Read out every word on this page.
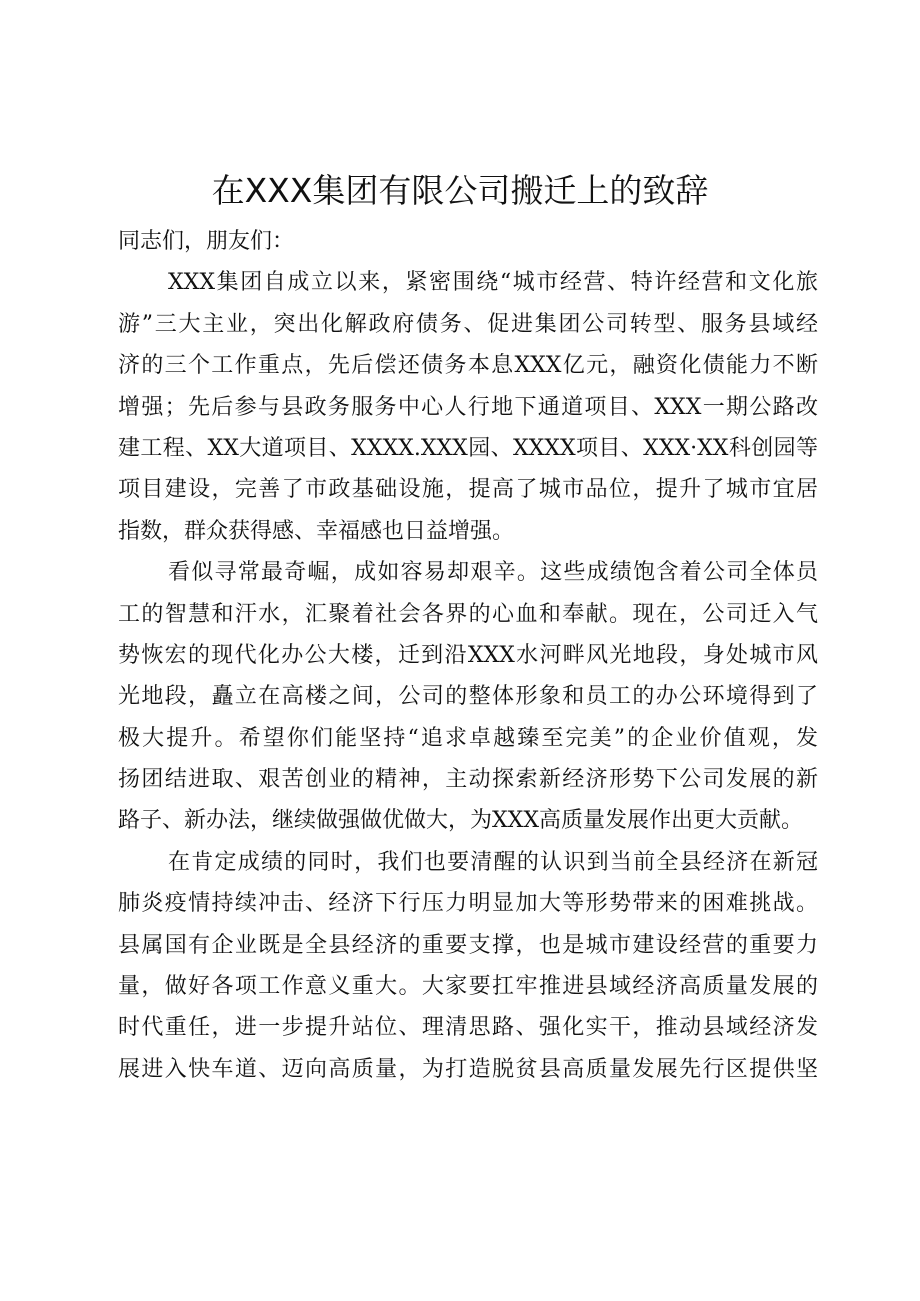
在XXX集团有限公司搬迁上的致辞
同志们，朋友们：
XXX集团自成立以来，紧密围绕“城市经营、特许经营和文化旅
游”三大主业，突出化解政府债务、促进集团公司转型、服务县域经
济的三个工作重点，先后偿还债务本息XXX亿元，融资化债能力不断
增强；先后参与县政务服务中心人行地下通道项目、XXX一期公路改
建工程、XX大道项目、XXXX.XXX园、XXXX项目、XXX·XX科创园等
项目建设，完善了市政基础设施，提高了城市品位，提升了城市宜居
指数，群众获得感、幸福感也日益增强。
看似寻常最奇崛，成如容易却艰辛。这些成绩饱含着公司全体员
工的智慧和汗水，汇聚着社会各界的心血和奉献。现在，公司迁入气
势恢宏的现代化办公大楼，迁到沿XXX水河畔风光地段，身处城市风
光地段，矗立在高楼之间，公司的整体形象和员工的办公环境得到了
极大提升。希望你们能坚持“追求卓越臻至完美”的企业价值观，发
扬团结进取、艰苦创业的精神，主动探索新经济形势下公司发展的新
路子、新办法，继续做强做优做大，为XXX高质量发展作出更大贡献。
在肯定成绩的同时，我们也要清醒的认识到当前全县经济在新冠
肺炎疫情持续冲击、经济下行压力明显加大等形势带来的困难挑战。
县属国有企业既是全县经济的重要支撑，也是城市建设经营的重要力
量，做好各项工作意义重大。大家要扛牢推进县域经济高质量发展的
时代重任，进一步提升站位、理清思路、强化实干，推动县域经济发
展进入快车道、迈向高质量，为打造脱贫县高质量发展先行区提供坚
